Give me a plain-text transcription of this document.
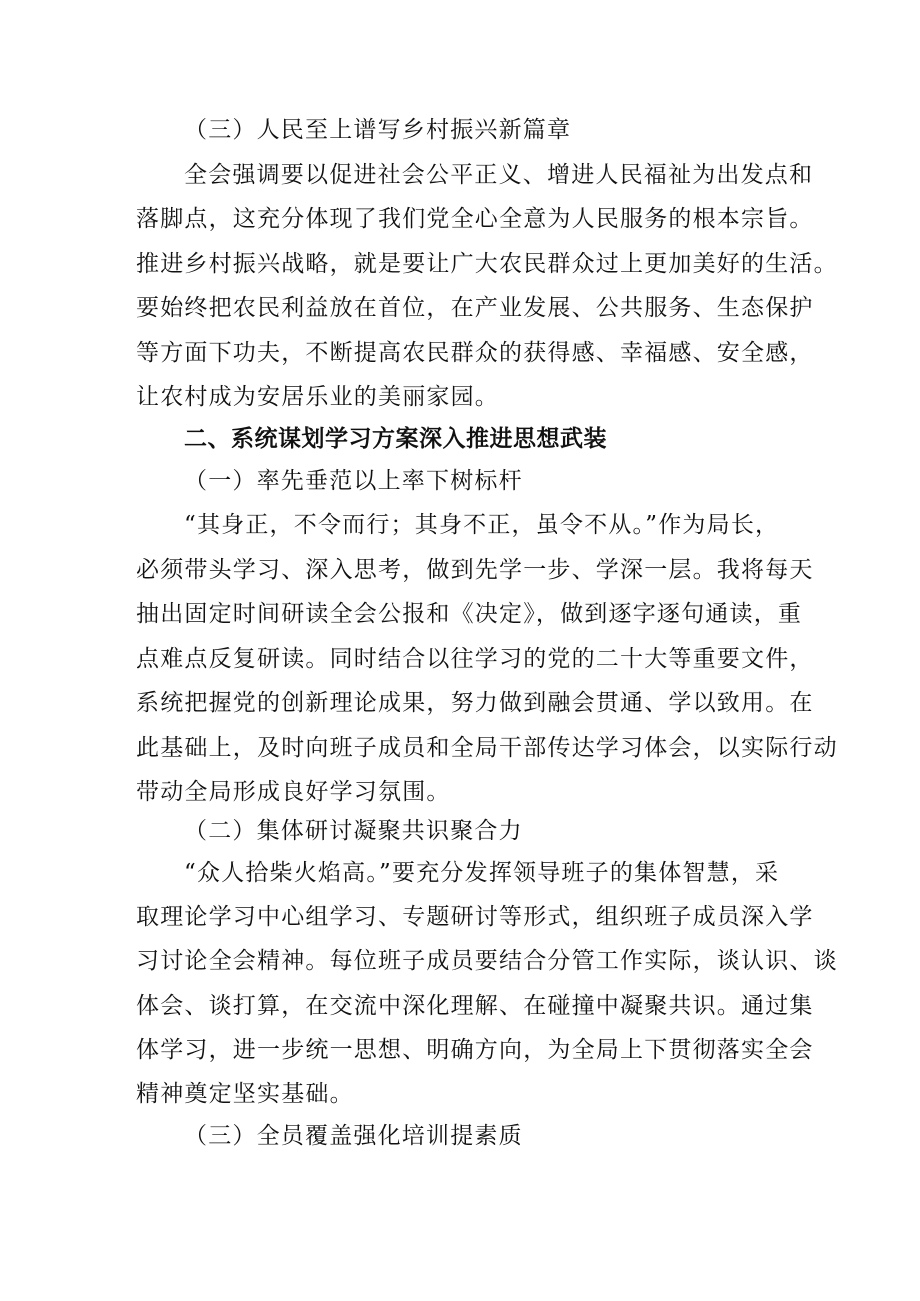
（三）人民至上谱写乡村振兴新篇章
全会强调要以促进社会公平正义、增进人民福祉为出发点和
落脚点，这充分体现了我们党全心全意为人民服务的根本宗旨。
推进乡村振兴战略，就是要让广大农民群众过上更加美好的生活。
要始终把农民利益放在首位，在产业发展、公共服务、生态保护
等方面下功夫，不断提高农民群众的获得感、幸福感、安全感，
让农村成为安居乐业的美丽家园。
二、系统谋划学习方案深入推进思想武装
（一）率先垂范以上率下树标杆
“其身正，不令而行；其身不正，虽令不从。”作为局长，
必须带头学习、深入思考，做到先学一步、学深一层。我将每天
抽出固定时间研读全会公报和《决定》，做到逐字逐句通读，重
点难点反复研读。同时结合以往学习的党的二十大等重要文件，
系统把握党的创新理论成果，努力做到融会贯通、学以致用。在
此基础上，及时向班子成员和全局干部传达学习体会，以实际行动
带动全局形成良好学习氛围。
（二）集体研讨凝聚共识聚合力
“众人拾柴火焰高。”要充分发挥领导班子的集体智慧，采
取理论学习中心组学习、专题研讨等形式，组织班子成员深入学
习讨论全会精神。每位班子成员要结合分管工作实际，谈认识、谈
体会、谈打算，在交流中深化理解、在碰撞中凝聚共识。通过集
体学习，进一步统一思想、明确方向，为全局上下贯彻落实全会
精神奠定坚实基础。
（三）全员覆盖强化培训提素质
